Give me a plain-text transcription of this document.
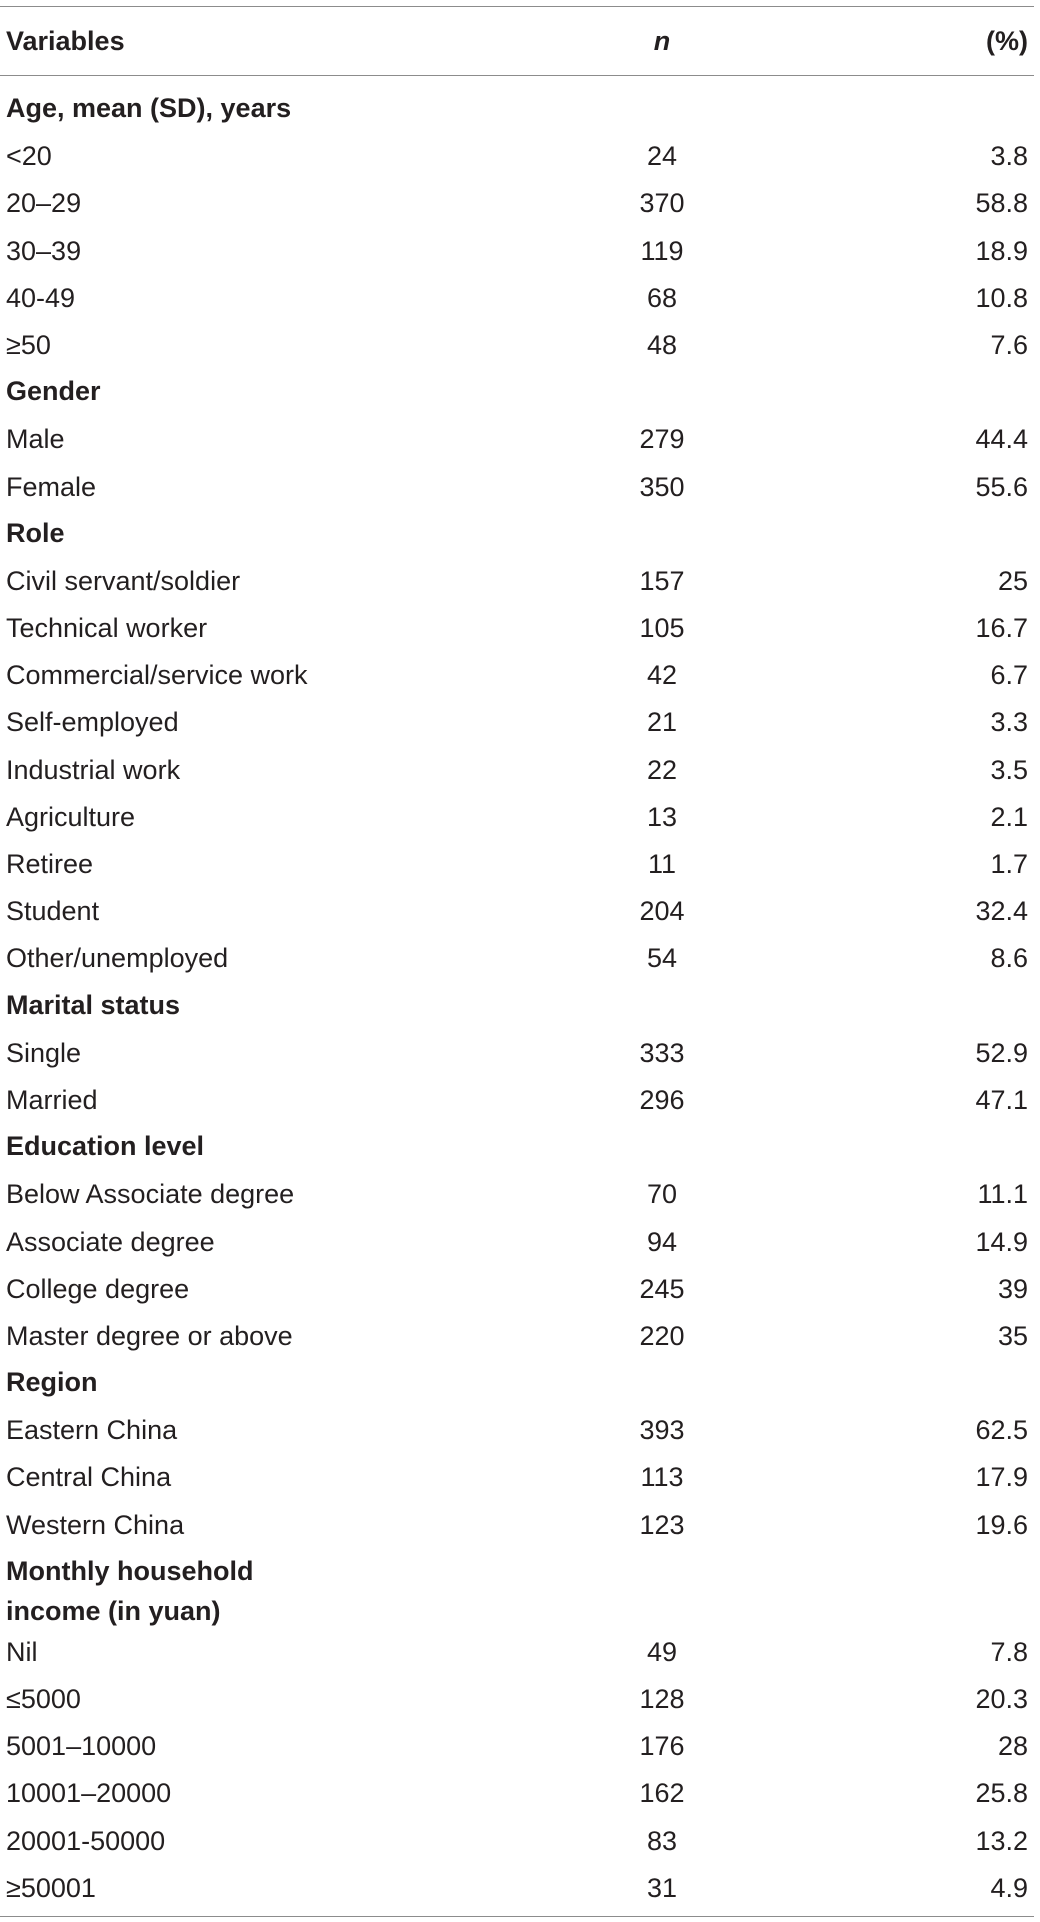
Variables	n	(%)
Age, mean (SD), years
<20	24	3.8
20–29	370	58.8
30–39	119	18.9
40-49	68	10.8
≥50	48	7.6
Gender
Male	279	44.4
Female	350	55.6
Role
Civil servant/soldier	157	25
Technical worker	105	16.7
Commercial/service work	42	6.7
Self-employed	21	3.3
Industrial work	22	3.5
Agriculture	13	2.1
Retiree	11	1.7
Student	204	32.4
Other/unemployed	54	8.6
Marital status
Single	333	52.9
Married	296	47.1
Education level
Below Associate degree	70	11.1
Associate degree	94	14.9
College degree	245	39
Master degree or above	220	35
Region
Eastern China	393	62.5
Central China	113	17.9
Western China	123	19.6
Monthly household
income (in yuan)
Nil	49	7.8
≤5000	128	20.3
5001–10000	176	28
10001–20000	162	25.8
20001-50000	83	13.2
≥50001	31	4.9
